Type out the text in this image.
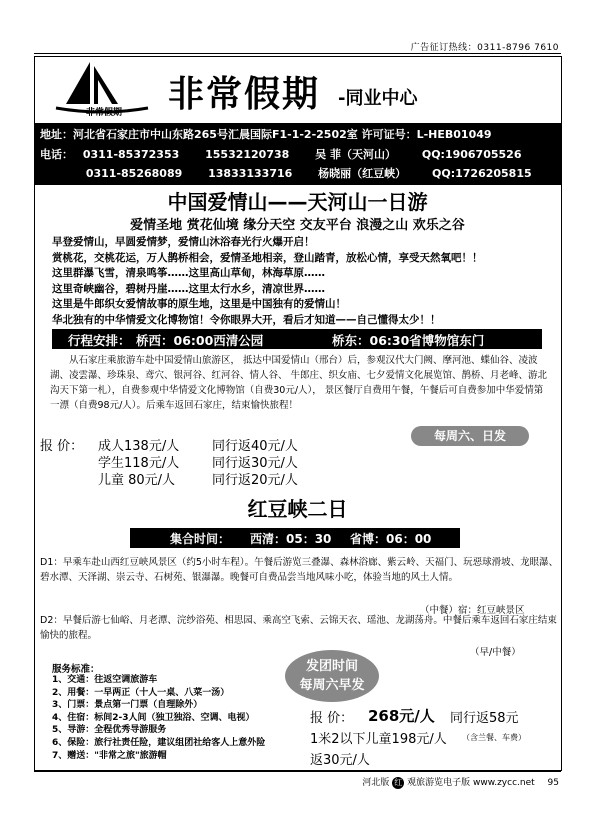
广告征订热线：0311-8796 7610
非常假期 非常假期 -同业中心
地址：河北省石家庄市中山东路265号汇晨国际F1-1-2-2502室 许可证号：L-HEB01049
电话： 0311-85372353 15532120738 吴 菲（天河山） QQ:1906705526
0311-85268089 13833133716 杨晓丽（红豆峡） QQ:1726205815
中国爱情山——天河山一日游
爱情圣地 赏花仙境 缘分天空 交友平台 浪漫之山 欢乐之谷
早登爱情山，早圆爱情梦，爱情山沐浴春光行火爆开启！
赏桃花，交桃花运，万人鹊桥相会，爱情圣地相亲，登山踏青，放松心情，享受天然氧吧！！
这里群瀑飞雪，清泉鸣筝……这里高山草甸，林海草原……
这里奇峡幽谷，碧树丹崖……这里太行水乡，清凉世界……
这里是牛郎织女爱情故事的原生地，这里是中国独有的爱情山！
华北独有的中华情爱文化博物馆！令你眼界大开，看后才知道——自己懂得太少！！
行程安排： 桥西：06:00西清公园	桥东：06:30省博物馆东门
从石家庄乘旅游车赴中国爱情山旅游区， 抵达中国爱情山（邢台）后，参观汉代大门阙、摩河池、蝶仙谷、凌波湖、凌雲瀑、珍珠泉、鸢穴、银河谷、红河谷、情人谷、 牛郎庄、织女庙、七夕爱情文化展览馆、鹊桥、月老峰、游北沟天下第一札），自费参观中华情爱文化博物馆（自费30元/人）， 景区餐厅自费用午餐，午餐后可自费参加中华爱情第一漂（自费98元/人）。后乘车返回石家庄，结束愉快旅程！
报 价： 成人138元/人	同行返40元/人
学生118元/人	同行返30元/人
儿童 80元/人	同行返20元/人
每周六、日发
红豆峡二日
集合时间： 西清：05：30 省博：06：00
D1：早乘车赴山西红豆峡风景区（约5小时车程）。午餐后游览三叠瀑、森林浴廊、紫云岭、天福门、玩惡球滑坡、龙眼瀑、碧水潭、天泽湖、崇云寺、石树苑、银瀑瀑。晚餐可自费品尝当地风味小吃，体验当地的风土人情。
（中餐）宿：红豆峡景区
D2：早餐后游七仙峪、月老潭、浣纱浴苑、相思园、乘高空飞索、云锦天衣、瑶池、龙湖荡舟。中餐后乘车返回石家庄结束愉快的旅程。
（早/中餐）
服务标准：
1、交通：往返空调旅游车
2、用餐：一早两正（十人一桌、八菜一汤）
3、门票：景点第一门票（自理除外）
4、住宿：标间2-3人间（独卫独浴、空调、电视）
5、导游：全程优秀导游服务
6、保险：旅行社责任险，建议组团社给客人上意外险
7、赠送："非常之旅"旅游帽
发团时间
每周六早发
报 价： 268元/人 同行返58元
1米2以下儿童198元/人 （含兰餐、车费）
返30元/人
河北版 红 观旅游览电子版 www.zycc.net 95
